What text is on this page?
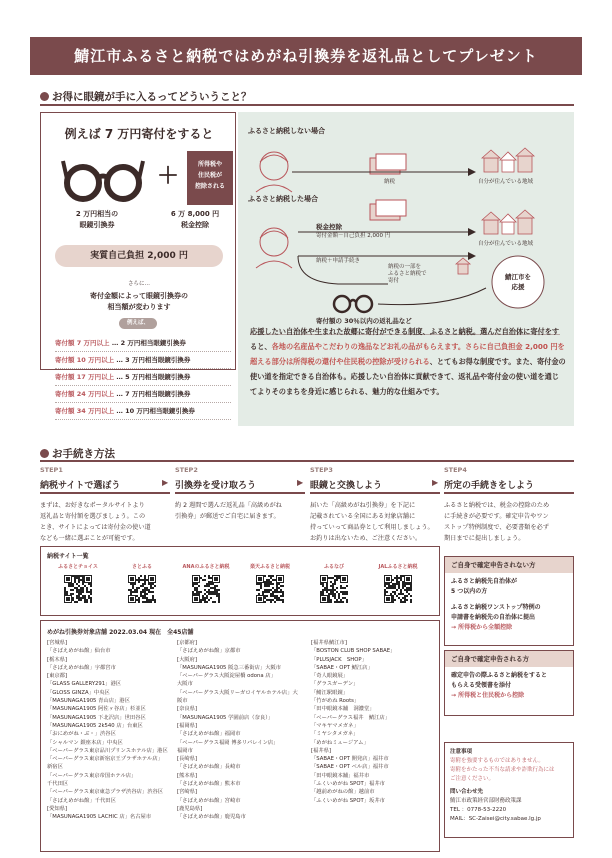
鯖江市ふるさと納税ではめがね引換券を返礼品としてプレゼント
お得に眼鏡が手に入るってどういうこと？
例えば 7 万円寄付をすると
＋	所得税や
住民税が
控除される
2 万円相当の
眼鏡引換券
6 万 8,000 円
税金控除
実質自己負担 2,000 円
さらに…
寄付金額によって眼鏡引換券の
相当額が変わります
例えば、
寄付額 7 万円以上 … 2 万円相当眼鏡引換券
寄付額 10 万円以上 … 3 万円相当眼鏡引換券
寄付額 17 万円以上 … 5 万円相当眼鏡引換券
寄付額 24 万円以上 … 7 万円相当眼鏡引換券
寄付額 34 万円以上 … 10 万円相当眼鏡引換券
ふるさと納税しない場合
納税	自分が住んでいる地域
ふるさと納税した場合
税金控除
寄付金額－自己負担 2,000 円
自分が住んでいる地域
納税＋申請手続き
納税の一部を
ふるさと納税で
寄付	鯖江市を
応援
寄付額の 30％以内の返礼品など
応援したい自治体や生まれた故郷に寄付ができる制度、ふるさと納税。選んだ自治体に寄付をすると、各地の名産品やこだわりの逸品などお礼の品がもらえます。さらに自己負担金 2,000 円を超える部分は所得税の還付や住民税の控除が受けられる、とてもお得な制度です。また、寄付金の使い道を指定できる自治体も。応援したい自治体に貢献できて、返礼品や寄付金の使い道を通じてよりそのまちを身近に感じられる、魅力的な仕組みです。
お手続き方法
STEP1
納税サイトで選ぼう	▶
まずは、お好きなポータルサイトより
返礼品と寄付額を選びましょう。この
とき、サイトによっては寄付金の使い道
なども一緒に選ぶことが可能です。
STEP2
引換券を受け取ろう	▶
約 2 週間で選んだ返礼品「高級めがね
引換券」が郵送でご自宅に届きます。
STEP3
眼鏡と交換しよう	▶
届いた「高級めがね引換券」を下記に
記載されている全国にある対象店舗に
持っていって商品券として利用しましょう。
お釣りは出ないため、ご注意ください。
STEP4
所定の手続きをしよう
ふるさと納税では、税金の控除のため
に手続きが必要です。確定申告やワン
ストップ特例制度で、必要書類を必ず
期日までに提出しましょう。
納税サイト一覧
ふるさとチョイス	さとふる	ANAのふるさと納税	楽天ふるさと納税	ふるなび	JALふるさと納税
めがね引換券対象店舗 2022.03.04 現在　全45店舗
[宮城県]
「さばえめがね館」仙台市
[栃木県]
「さばえめがね館」宇都宮市
[東京都]
「GLASS GALLERY291」港区
「GLOSS GINZA」中央区
「MASUNAGA1905 青山店」港区
「MASUNAGA1905 阿佐ヶ谷店」杉並区
「MASUNAGA1905 下北沢店」世田谷区
「MASUNAGA1905 2k540 店」台東区
「おにめがね・ぶ・」渋谷区
「シャルマン 銀座本店」中央区
「ベーパーグラス東京品川プリンスホテル店」港区
「ベーパーグラス東京新宿京王プラザホテル店」
新宿区
「ベーパーグラス東京帝国ホテル店」
千代田区
「ベーパーグラス東京東急プラザ渋谷店」渋谷区
「さばえめがね館」千代田区
[愛知県]
「MASUNAGA1905 LACHIC 店」名古屋市
[京都府]
「さばえめがね館」京都市
[大阪府]
「MASUNAGA1905 阪急三番街店」大阪市
「ベーパーグラス大阪淀屋橋 odona 店」
大阪市
「ベーパーグラス大阪リーガロイヤルホテル店」大
阪市
[奈良県]
「MASUNAGA1905 学園前店（奈良）」
[福岡県]
「さばえめがね館」福岡市
「ベーパーグラス福岡 博多リバレイン店」
福岡市
[長崎県]
「さばえめがね館」長崎市
[熊本県]
「さばえめがね館」熊本市
[宮崎県]
「さばえめがね館」宮崎市
[鹿児島県]
「さばえめがね館」鹿児島市
[福井県鯖江市]
「BOSTON CLUB SHOP SABAE」
「PLUSJACK　SHOP」
「SABAE・OPT 鯖江店」
「奇人眼鏡展」
「グラスガーデン」
「鯖江駅眼鏡」
「竹がめね Roots」
「田中眼鏡本舗　洞濃堂」
「ベーパーグラス福井　鯖江店」
「マキヤマメガネ」
「ミヤシタメガネ」
「めがねミュージアム」
[福井県]
「SABAE・OPT 開発店」福井市
「SABAE・OPT ベル店」福井市
「田中眼鏡本舗」福井市
「ふくいめがね SPOT」福井市
「越前めがねの館」越前市
「ふくいめがね SPOT」坂井市
ご自身で確定申告されない方
ふるさと納税先自治体が
5 つ以内の方
ふるさと納税ワンストップ特例の
申請書を納税先の自治体に提出
→ 所得税から全額控除
ご自身で確定申告される方
確定申告の際ふるさと納税をすると
もらえる受領書を添付
→ 所得税と住民税から控除
注意事項
寄附を強要するものではありません。
寄附をかたった不当な請求や詐欺行為には
ご注意ください。
問い合わせ先
鯖江市政策経営部財務政策課
TEL ：0778-53-2220
MAIL：SC-Zaisei@city.sabae.lg.jp
